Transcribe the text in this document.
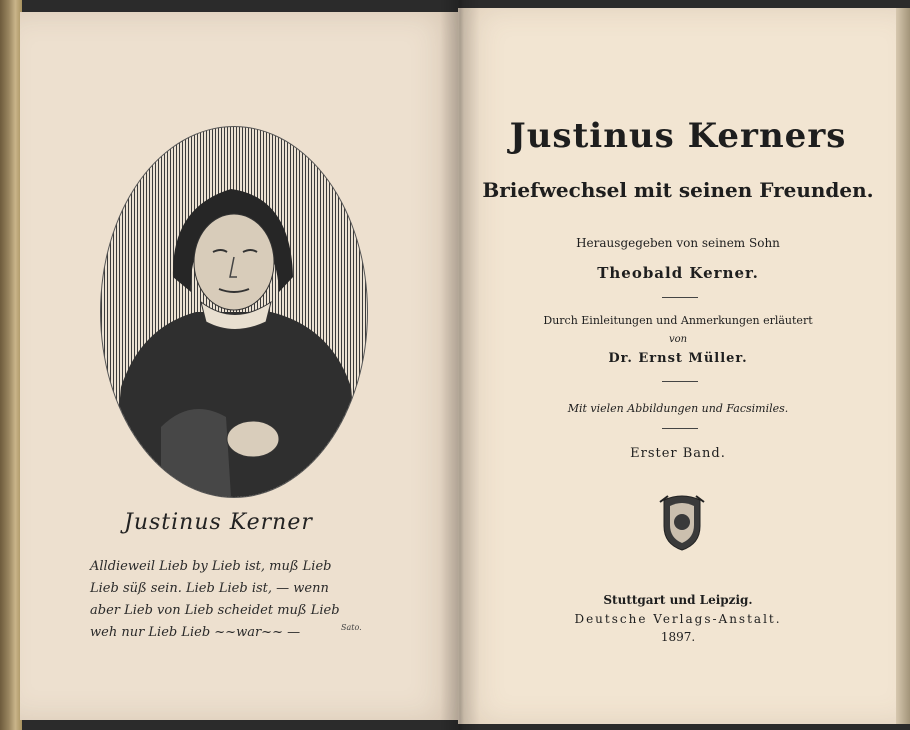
Justinus Kerner
Alldieweil Lieb by Lieb ist, muß Lieb
Lieb süß sein. Lieb Lieb ist, — wenn
aber Lieb von Lieb scheidet muß Lieb
weh nur Lieb Lieb ~~war~~ —	Sato.
Justinus Kerners
Briefwechsel mit seinen Freunden.
Herausgegeben von seinem Sohn
Theobald Kerner.
Durch Einleitungen und Anmerkungen erläutert
von
Dr. Ernst Müller.
Mit vielen Abbildungen und Facsimiles.
Erster Band.
Stuttgart und Leipzig.
Deutsche Verlags-Anstalt.
1897.
